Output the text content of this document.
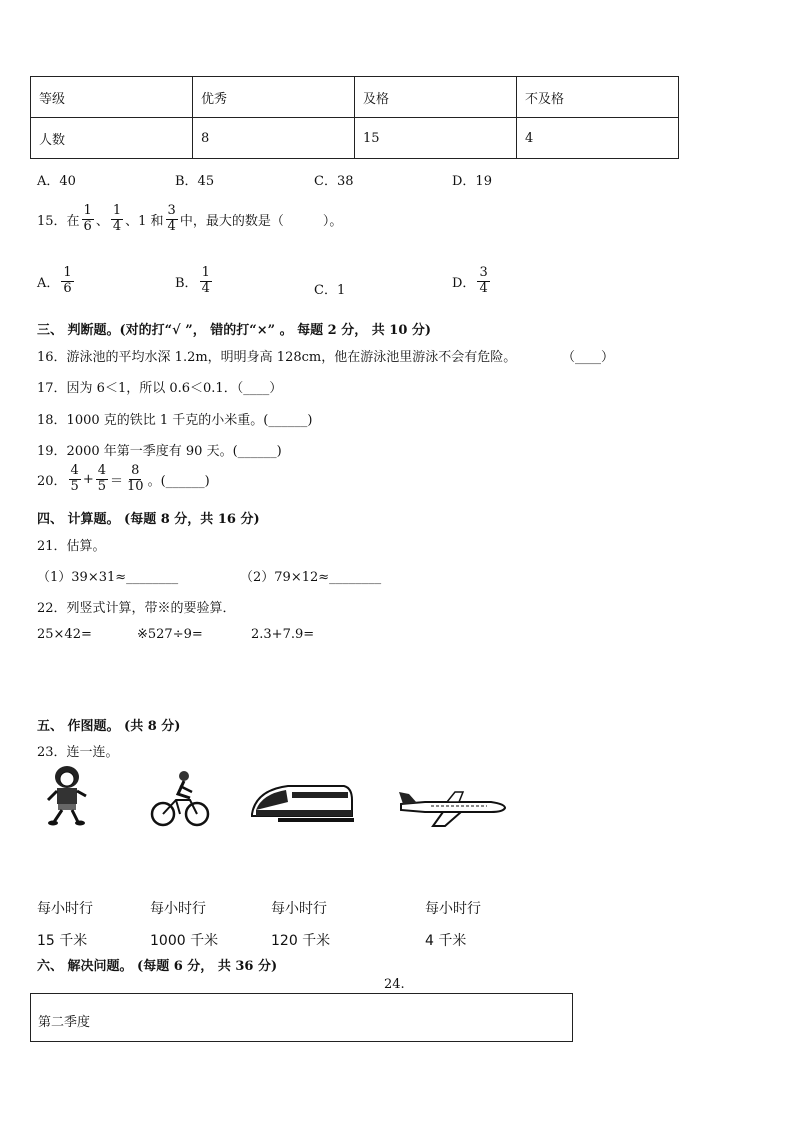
等级	优秀	及格	不及格
人数	8	15	4
A．40	B．45	C．38	D．19
15．在 $\frac{1}{6}$ 、 $\frac{1}{4}$ 、1 和 $\frac{3}{4}$ 中，最大的数是（　　　）。
A． $\frac{1}{6}$	B． $\frac{1}{4}$	C．1	D． $\frac{3}{4}$
三、 判断题。(对的打“√ ”， 错的打“×” 。 每题 2 分， 共 10 分)
16．游泳池的平均水深 1.2m，明明身高 128cm，他在游泳池里游泳不会有危险。	（____）
17．因为 6＜1，所以 0.6＜0.1．（____）
18．1000 克的铁比 1 千克的小米重。(______)
19．2000 年第一季度有 90 天。(______)
20． $\frac{4}{5} + \frac{4}{5} = \frac{8}{10}$ 。(______)
四、 计算题。 (每题 8 分，共 16 分)
21．估算。
（1）39×31≈________	（2）79×12≈________
22．列竖式计算，带※的要验算．
25×42=	※527÷9=	2.3+7.9=
五、 作图题。 (共 8 分)
23．连一连。
每小时行	每小时行	每小时行	每小时行
15 千米	1000 千米	120 千米	4 千米
六、 解决问题。 (每题 6 分， 共 36 分)
24.
第二季度
